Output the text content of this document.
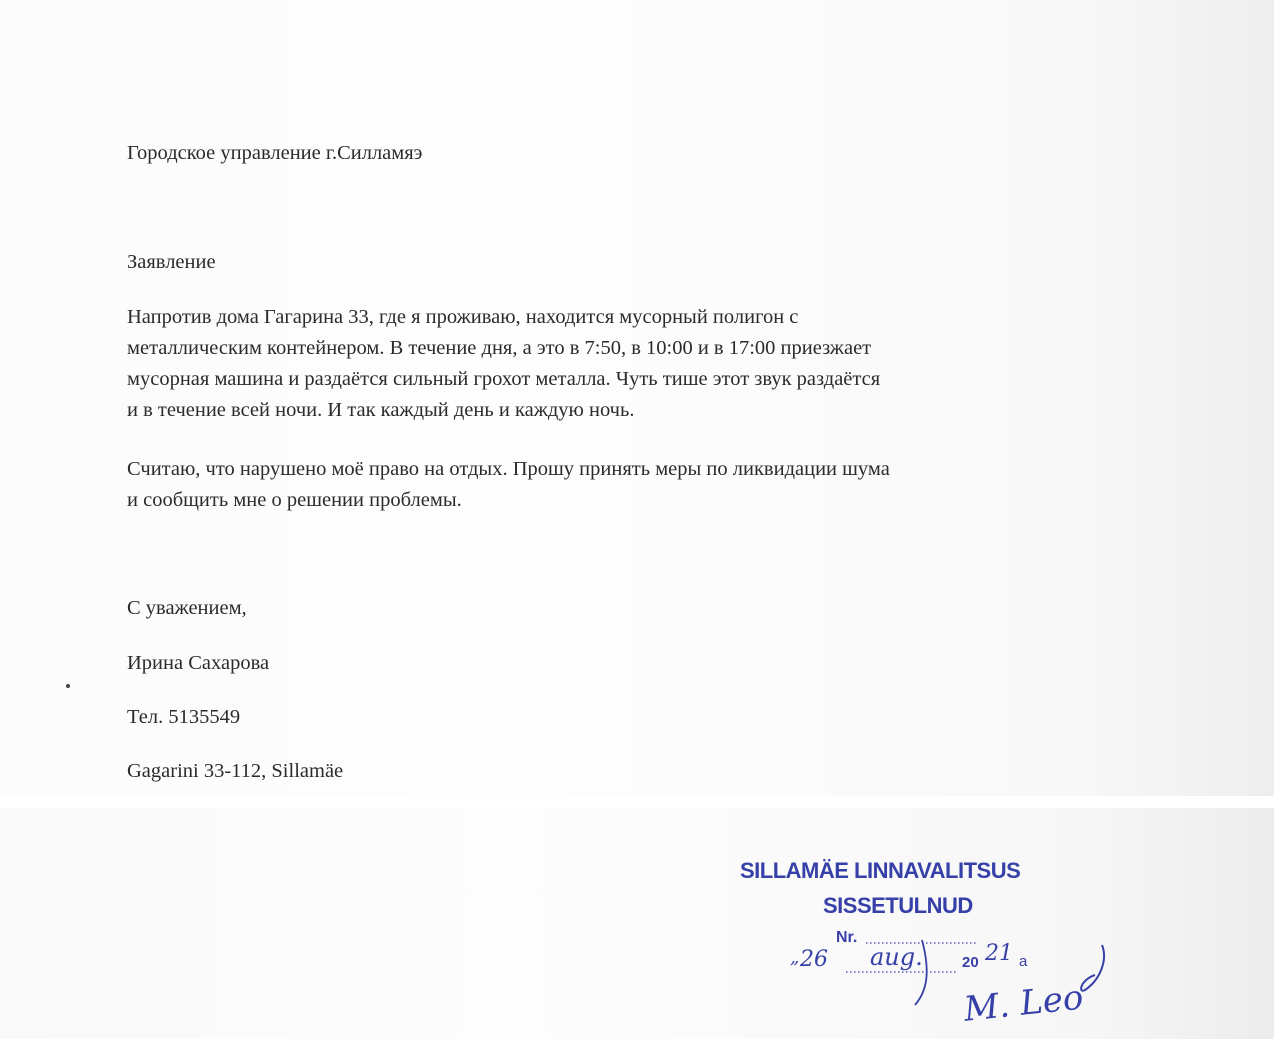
Городское управление г.Силламяэ
Заявление
Напротив дома Гагарина 33, где я проживаю, находится мусорный полигон с
металлическим контейнером. В течение дня, а это в 7:50, в 10:00 и в 17:00 приезжает
мусорная машина и раздаётся сильный грохот металла. Чуть тише этот звук раздаётся
и в течение всей ночи. И так каждый день и каждую ночь.
Считаю, что нарушено моё право на отдых. Прошу принять меры по ликвидации шума
и сообщить мне о решении проблемы.
С уважением,
Ирина Сахарова
Тел. 5135549
Gagarini 33-112, Sillamäe
SILLAMÄE LINNAVALITSUS
SISSETULNUD
Nr.
„ 26 aug.	20 21 a
M. Leo
